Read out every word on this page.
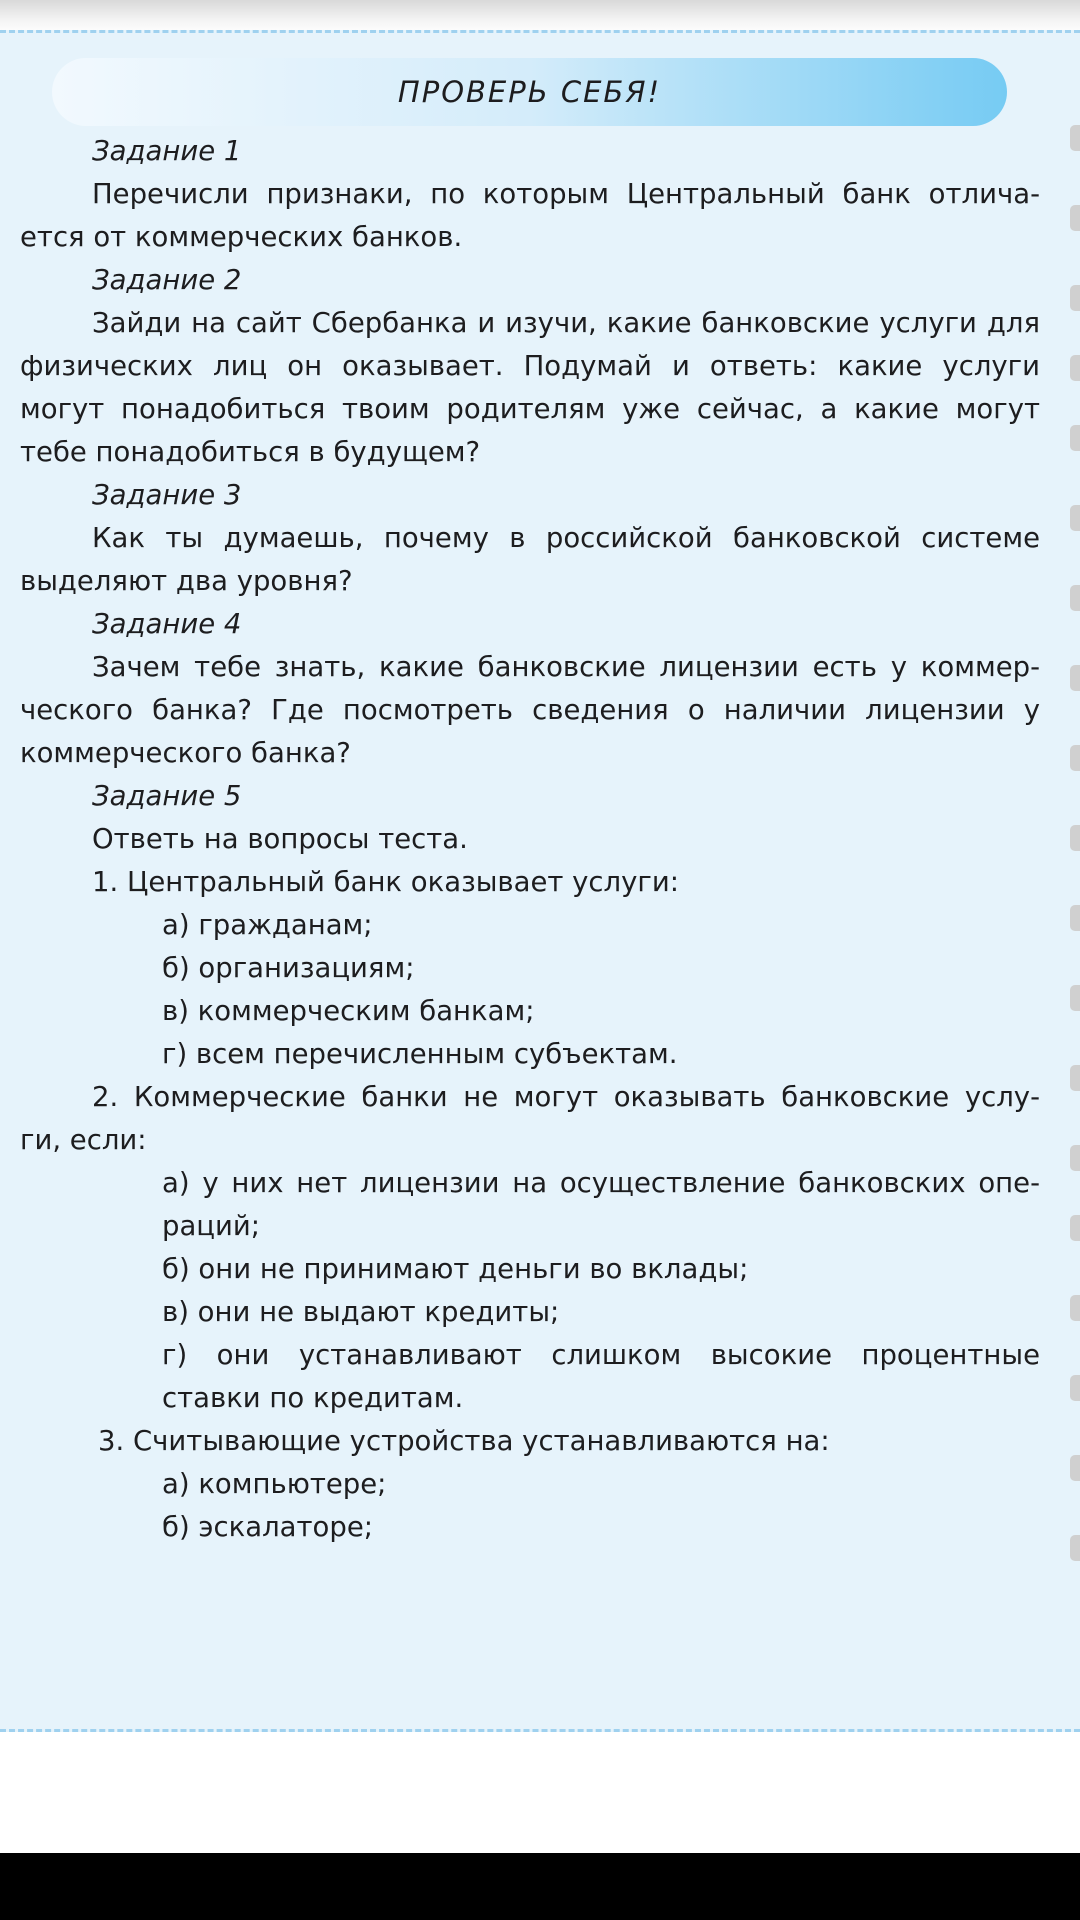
ПРОВЕРЬ СЕБЯ!
Задание 1

Перечисли признаки, по которым Центральный банк отлича- ется от коммерческих банков.

Задание 2

Зайди на сайт Сбербанка и изучи, какие банковские услуги для физических лиц он оказывает. Подумай и ответь: какие услуги могут понадобиться твоим родителям уже сейчас, а какие могут тебе понадобиться в будущем?

Задание 3

Как ты думаешь, почему в российской банковской системе выделяют два уровня?

Задание 4

Зачем тебе знать, какие банковские лицензии есть у коммер- ческого банка? Где посмотреть сведения о наличии лицензии у коммерческого банка?

Задание 5
Ответь на вопросы теста.
1. Центральный банк оказывает услуги:
а) гражданам;
б) организациям;
в) коммерческим банкам;
г) всем перечисленным субъектам.

2. Коммерческие банки не могут оказывать банковские услу- ги, если:

а) у них нет лицензии на осуществление банковских опе- раций;
б) они не принимают деньги во вклады;
в) они не выдают кредиты;
г) они устанавливают слишком высокие процентные ставки по кредитам.
3. Считывающие устройства устанавливаются на:
а) компьютере;
б) эскалаторе;
